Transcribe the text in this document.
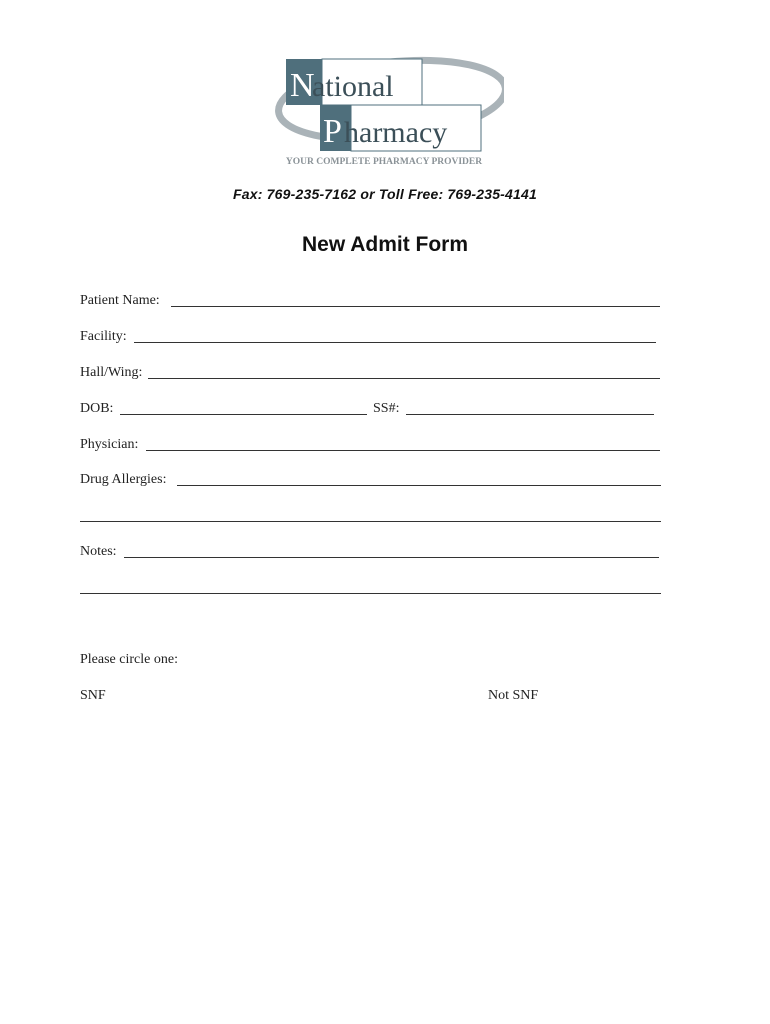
N
ational
P harmacy
YOUR COMPLETE PHARMACY PROVIDER
Fax: 769-235-7162 or Toll Free: 769-235-4141
New Admit Form
Patient Name:
Facility:
Hall/Wing:
DOB:	SS#:
Physician:
Drug Allergies:
Notes:
Please circle one:
SNF	Not SNF
